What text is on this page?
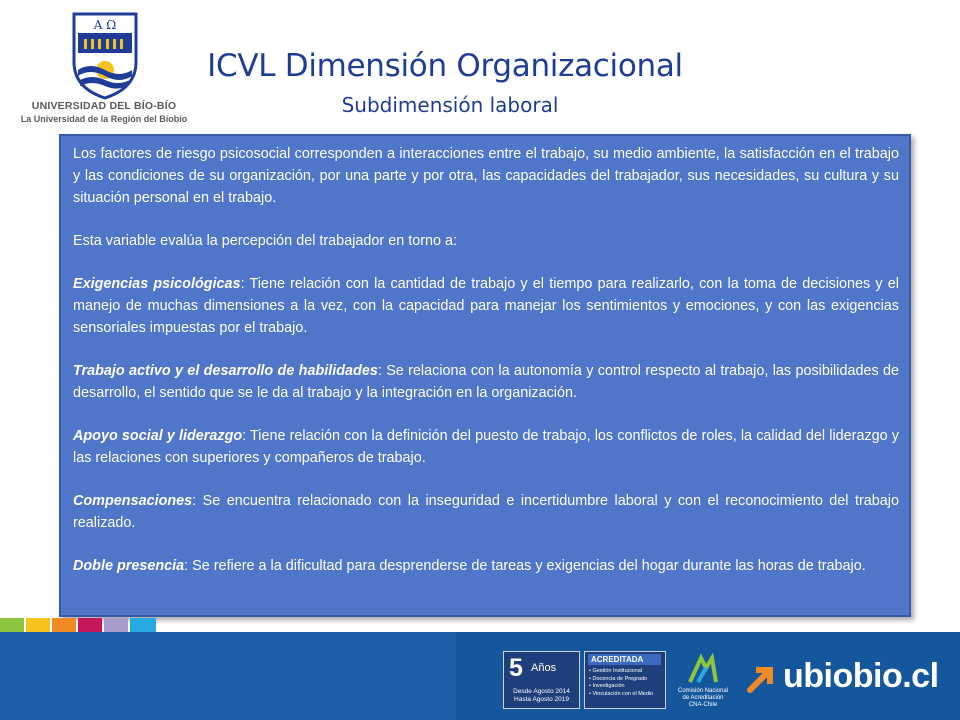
A Ω
UNIVERSIDAD DEL BÍO-BÍO
La Universidad de la Región del Bíobío
ICVL Dimensión Organizacional
Subdimensión laboral

Los factores de riesgo psicosocial corresponden a interacciones entre el trabajo, su medio ambiente, la satisfacción en el trabajo y las condiciones de su organización, por una parte y por otra, las capacidades del trabajador, sus necesidades, su cultura y su situación personal en el trabajo.

Esta variable evalúa la percepción del trabajador en torno a:

Exigencias psicológicas: Tiene relación con la cantidad de trabajo y el tiempo para realizarlo, con la toma de decisiones y el manejo de muchas dimensiones a la vez, con la capacidad para manejar los sentimientos y emociones, y con las exigencias sensoriales impuestas por el trabajo.

Trabajo activo y el desarrollo de habilidades: Se relaciona con la autonomía y control respecto al trabajo, las posibilidades de desarrollo, el sentido que se le da al trabajo y la integración en la organización.

Apoyo social y liderazgo: Tiene relación con la definición del puesto de trabajo, los conflictos de roles, la calidad del liderazgo y las relaciones con superiores y compañeros de trabajo.

Compensaciones: Se encuentra relacionado con la inseguridad e incertidumbre laboral y con el reconocimiento del trabajo realizado.

Doble presencia: Se refiere a la dificultad para desprenderse de tareas y exigencias del hogar durante las horas de trabajo.

5 Años
Desde Agosto 2014
Hasta Agosto 2019
ACREDITADA
• Gestión Institucional
• Docencia de Pregrado
• Investigación
• Vinculación con el Medio	Comisión Nacional
de Acreditación
CNA-Chile
ubiobio.cl
